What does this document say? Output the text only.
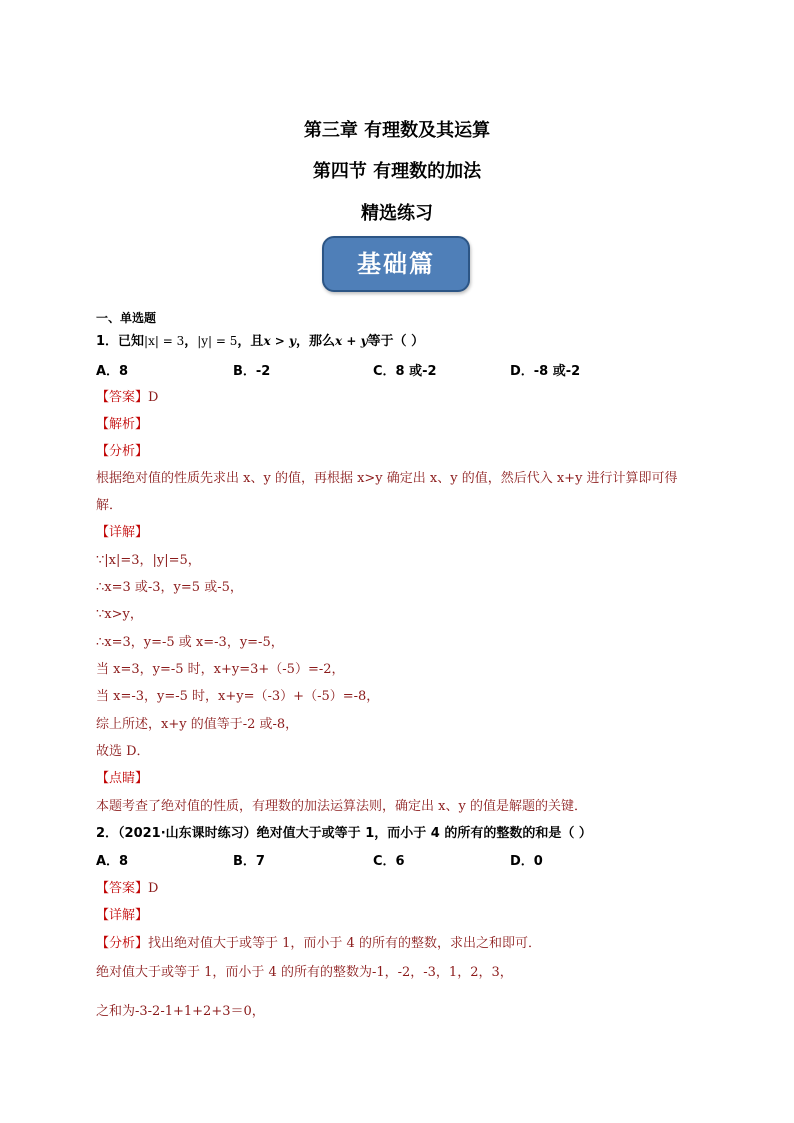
第三章 有理数及其运算
第四节 有理数的加法
精选练习
基础篇
一、单选题
1．已知|x| = 3，|y| = 5，且x > y，那么x + y等于（ ）
A．8	B．-2	C．8 或-2	D．-8 或-2
【答案】D
【解析】
【分析】
根据绝对值的性质先求出 x、y 的值，再根据 x>y 确定出 x、y 的值，然后代入 x+y 进行计算即可得
解．
【详解】
∵|x|=3，|y|=5，
∴x=3 或-3，y=5 或-5，
∵x>y，
∴x=3，y=-5 或 x=-3，y=-5，
当 x=3，y=-5 时，x+y=3+（-5）=-2，
当 x=-3，y=-5 时，x+y=（-3）+（-5）=-8，
综上所述，x+y 的值等于-2 或-8，
故选 D．
【点睛】
本题考查了绝对值的性质，有理数的加法运算法则，确定出 x、y 的值是解题的关键．
2．（2021·山东课时练习）绝对值大于或等于 1，而小于 4 的所有的整数的和是（ ）
A．8	B．7	C．6	D．0
【答案】D
【详解】
【分析】找出绝对值大于或等于 1，而小于 4 的所有的整数，求出之和即可．
绝对值大于或等于 1，而小于 4 的所有的整数为-1，-2，-3，1，2，3，
之和为-3-2-1+1+2+3＝0，
